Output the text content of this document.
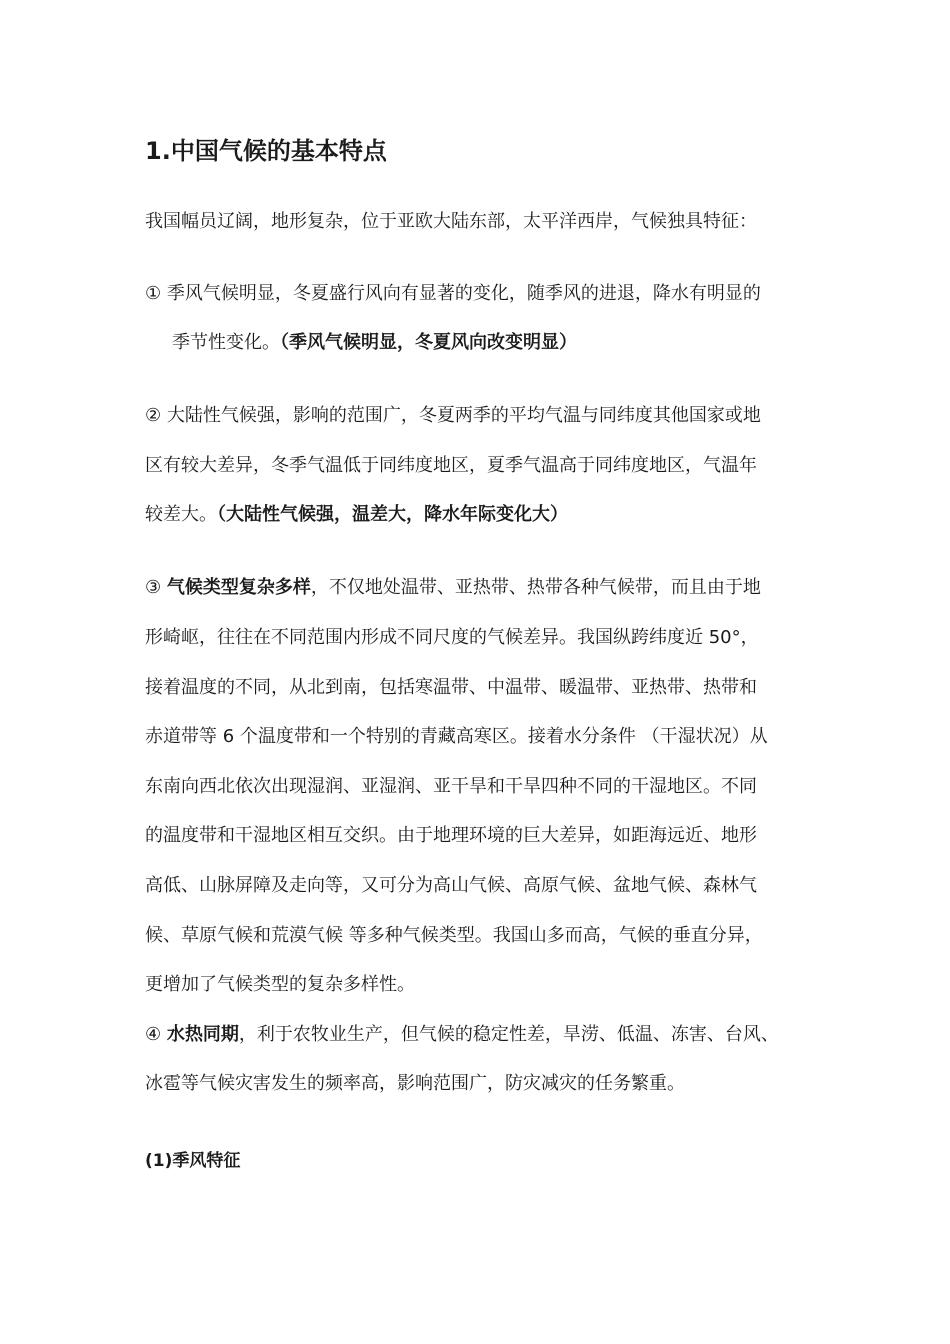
1.中国气候的基本特点
我国幅员辽阔，地形复杂，位于亚欧大陆东部，太平洋西岸，气候独具特征：
① 季风气候明显，冬夏盛行风向有显著的变化，随季风的进退，降水有明显的
季节性变化。（季风气候明显，冬夏风向改变明显）
② 大陆性气候强，影响的范围广，冬夏两季的平均气温与同纬度其他国家或地
区有较大差异，冬季气温低于同纬度地区，夏季气温高于同纬度地区，气温年
较差大。（大陆性气候强，温差大，降水年际变化大）
③ 气候类型复杂多样，不仅地处温带、亚热带、热带各种气候带，而且由于地
形崎岖，往往在不同范围内形成不同尺度的气候差异。我国纵跨纬度近 50°，
接着温度的不同，从北到南，包括寒温带、中温带、暖温带、亚热带、热带和
赤道带等 6 个温度带和一个特别的青藏高寒区。接着水分条件 （干湿状况）从
东南向西北依次出现湿润、亚湿润、亚干旱和干旱四种不同的干湿地区。不同
的温度带和干湿地区相互交织。由于地理环境的巨大差异，如距海远近、地形
高低、山脉屏障及走向等，又可分为高山气候、高原气候、盆地气候、森林气
候、草原气候和荒漠气候 等多种气候类型。我国山多而高，气候的垂直分异，
更增加了气候类型的复杂多样性。
④ 水热同期，利于农牧业生产，但气候的稳定性差，旱涝、低温、冻害、台风、
冰雹等气候灾害发生的频率高，影响范围广，防灾减灾的任务繁重。
(1)季风特征
